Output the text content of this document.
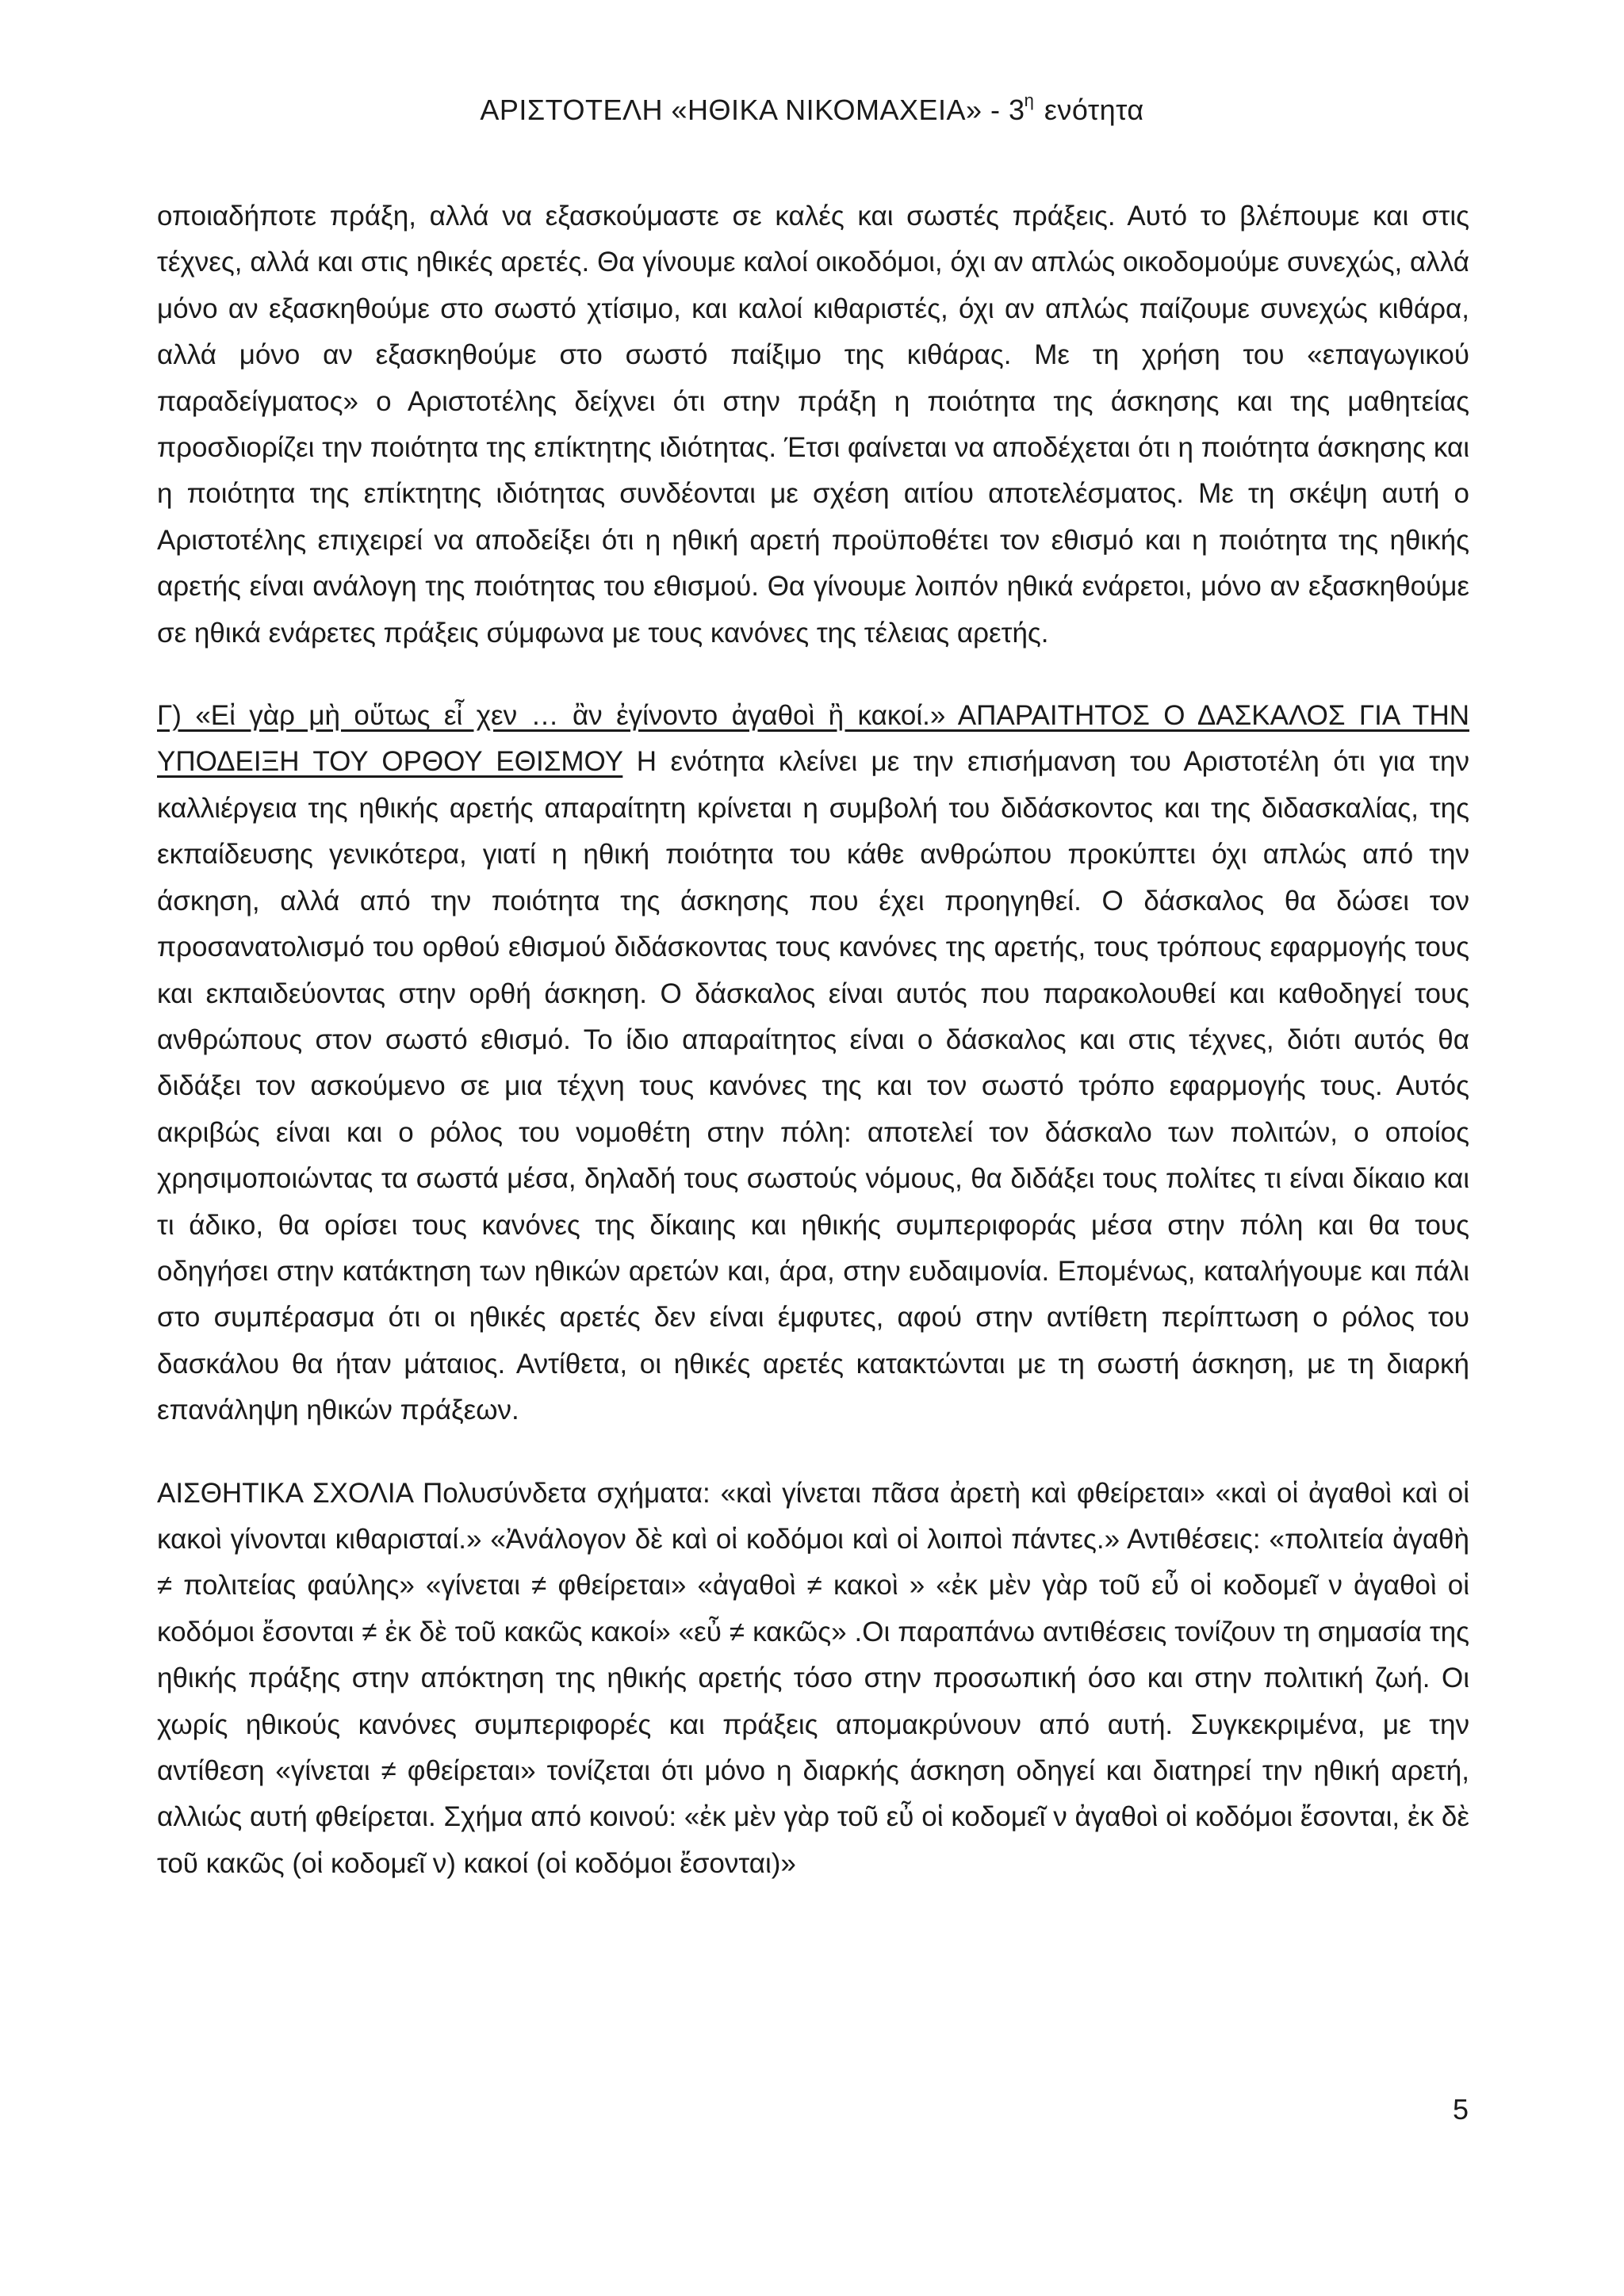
ΑΡΙΣΤΟΤΕΛΗ «ΗΘΙΚΑ ΝΙΚΟΜΑΧΕΙΑ» - $3^\eta$ ενότητα

οποιαδήποτε πράξη, αλλά να εξασκούμαστε σε καλές και σωστές πράξεις. Αυτό το βλέπουμε και στις τέχνες, αλλά και στις ηθικές αρετές. Θα γίνουμε καλοί οικοδόμοι, όχι αν απλώς οικοδομούμε συνεχώς, αλλά μόνο αν εξασκηθούμε στο σωστό χτίσιμο, και καλοί κιθαριστές, όχι αν απλώς παίζουμε συνεχώς κιθάρα, αλλά μόνο αν εξασκηθούμε στο σωστό παίξιμο της κιθάρας. Με τη χρήση του «επαγωγικού παραδείγματος» ο Αριστοτέλης δείχνει ότι στην πράξη η ποιότητα της άσκησης και της μαθητείας προσδιορίζει την ποιότητα της επίκτητης ιδιότητας. Έτσι φαίνεται να αποδέχεται ότι η ποιότητα άσκησης και η ποιότητα της επίκτητης ιδιότητας συνδέονται με σχέση αιτίου αποτελέσματος. Με τη σκέψη αυτή ο Αριστοτέλης επιχειρεί να αποδείξει ότι η ηθική αρετή προϋποθέτει τον εθισμό και η ποιότητα της ηθικής αρετής είναι ανάλογη της ποιότητας του εθισμού. Θα γίνουμε λοιπόν ηθικά ενάρετοι, μόνο αν εξασκηθούμε σε ηθικά ενάρετες πράξεις σύμφωνα με τους κανόνες της τέλειας αρετής.

Γ) «Εἰ γὰρ μὴ οὕτως εἶ χεν … ἂν ἐγίνοντο ἀγαθοὶ ἢ κακοί.» ΑΠΑΡΑΙΤΗΤΟΣ Ο ΔΑΣΚΑΛΟΣ ΓΙΑ ΤΗΝ ΥΠΟΔΕΙΞΗ ΤΟΥ ΟΡΘΟΥ ΕΘΙΣΜΟΥ Η ενότητα κλείνει με την επισήμανση του Αριστοτέλη ότι για την καλλιέργεια της ηθικής αρετής απαραίτητη κρίνεται η συμβολή του διδάσκοντος και της διδασκαλίας, της εκπαίδευσης γενικότερα, γιατί η ηθική ποιότητα του κάθε ανθρώπου προκύπτει όχι απλώς από την άσκηση, αλλά από την ποιότητα της άσκησης που έχει προηγηθεί. Ο δάσκαλος θα δώσει τον προσανατολισμό του ορθού εθισμού διδάσκοντας τους κανόνες της αρετής, τους τρόπους εφαρμογής τους και εκπαιδεύοντας στην ορθή άσκηση. Ο δάσκαλος είναι αυτός που παρακολουθεί και καθοδηγεί τους ανθρώπους στον σωστό εθισμό. Το ίδιο απαραίτητος είναι ο δάσκαλος και στις τέχνες, διότι αυτός θα διδάξει τον ασκούμενο σε μια τέχνη τους κανόνες της και τον σωστό τρόπο εφαρμογής τους. Αυτός ακριβώς είναι και ο ρόλος του νομοθέτη στην πόλη: αποτελεί τον δάσκαλο των πολιτών, ο οποίος χρησιμοποιώντας τα σωστά μέσα, δηλαδή τους σωστούς νόμους, θα διδάξει τους πολίτες τι είναι δίκαιο και τι άδικο, θα ορίσει τους κανόνες της δίκαιης και ηθικής συμπεριφοράς μέσα στην πόλη και θα τους οδηγήσει στην κατάκτηση των ηθικών αρετών και, άρα, στην ευδαιμονία. Επομένως, καταλήγουμε και πάλι στο συμπέρασμα ότι οι ηθικές αρετές δεν είναι έμφυτες, αφού στην αντίθετη περίπτωση ο ρόλος του δασκάλου θα ήταν μάταιος. Αντίθετα, οι ηθικές αρετές κατακτώνται με τη σωστή άσκηση, με τη διαρκή επανάληψη ηθικών πράξεων.

ΑΙΣΘΗΤΙΚΑ ΣΧΟΛΙΑ Πολυσύνδετα σχήματα: «καὶ γίνεται πᾶσα ἀρετὴ καὶ φθείρεται» «καὶ οἱ ἀγαθοὶ καὶ οἱ κακοὶ γίνονται κιθαρισταί.» «Ἀνάλογον δὲ καὶ οἱ κοδόμοι καὶ οἱ λοιποὶ πάντες.» Αντιθέσεις: «πολιτεία ἀγαθὴ ≠ πολιτείας φαύλης» «γίνεται ≠ φθείρεται» «ἀγαθοὶ ≠ κακοὶ » «ἐκ μὲν γὰρ τοῦ εὖ οἱ κοδομεῖ ν ἀγαθοὶ οἱ κοδόμοι ἔσονται ≠ ἐκ δὲ τοῦ κακῶς κακοί» «εὖ ≠ κακῶς» .Οι παραπάνω αντιθέσεις τονίζουν τη σημασία της ηθικής πράξης στην απόκτηση της ηθικής αρετής τόσο στην προσωπική όσο και στην πολιτική ζωή. Οι χωρίς ηθικούς κανόνες συμπεριφορές και πράξεις απομακρύνουν από αυτή. Συγκεκριμένα, με την αντίθεση «γίνεται ≠ φθείρεται» τονίζεται ότι μόνο η διαρκής άσκηση οδηγεί και διατηρεί την ηθική αρετή, αλλιώς αυτή φθείρεται. Σχήμα από κοινού: «ἐκ μὲν γὰρ τοῦ εὖ οἱ κοδομεῖ ν ἀγαθοὶ οἱ κοδόμοι ἔσονται, ἐκ δὲ τοῦ κακῶς (οἱ κοδομεῖ ν) κακοί (οἱ κοδόμοι ἔσονται)»

5
